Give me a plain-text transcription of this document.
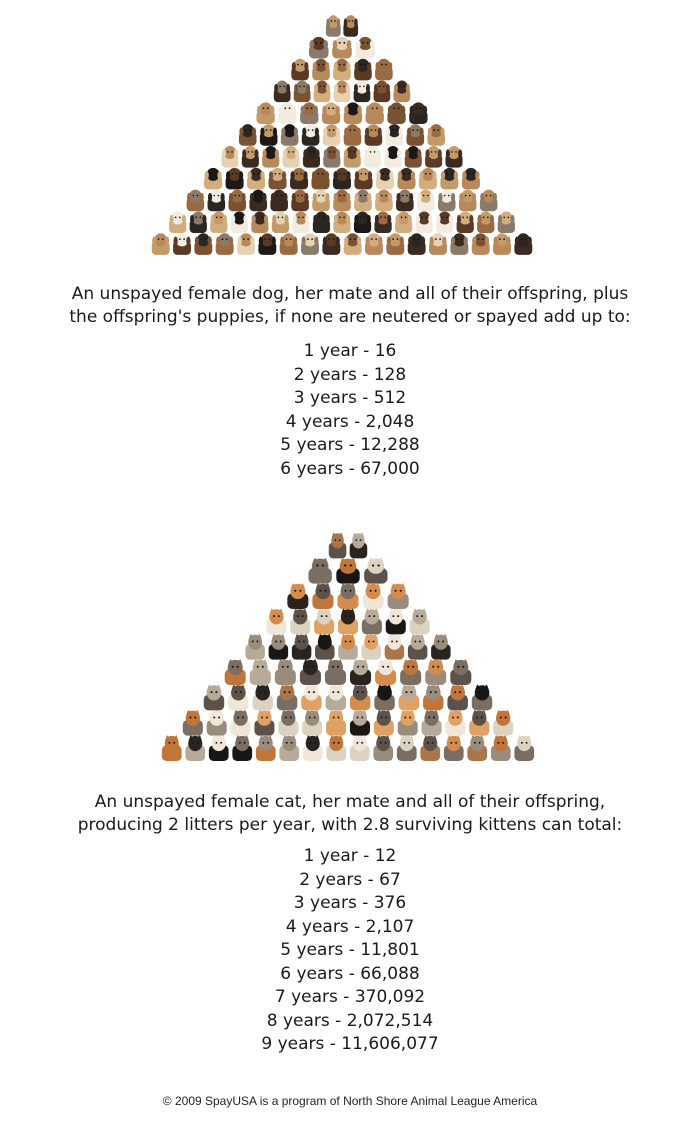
An unspayed female dog, her mate and all of their offspring, plus
the offspring's puppies, if none are neutered or spayed add up to:
1 year - 16
2 years - 128
3 years - 512
4 years - 2,048
5 years - 12,288
6 years - 67,000
An unspayed female cat, her mate and all of their offspring,
producing 2 litters per year, with 2.8 surviving kittens can total:
1 year - 12
2 years - 67
3 years - 376
4 years - 2,107
5 years - 11,801
6 years - 66,088
7 years - 370,092
8 years - 2,072,514
9 years - 11,606,077
© 2009 SpayUSA is a program of North Shore Animal League America
